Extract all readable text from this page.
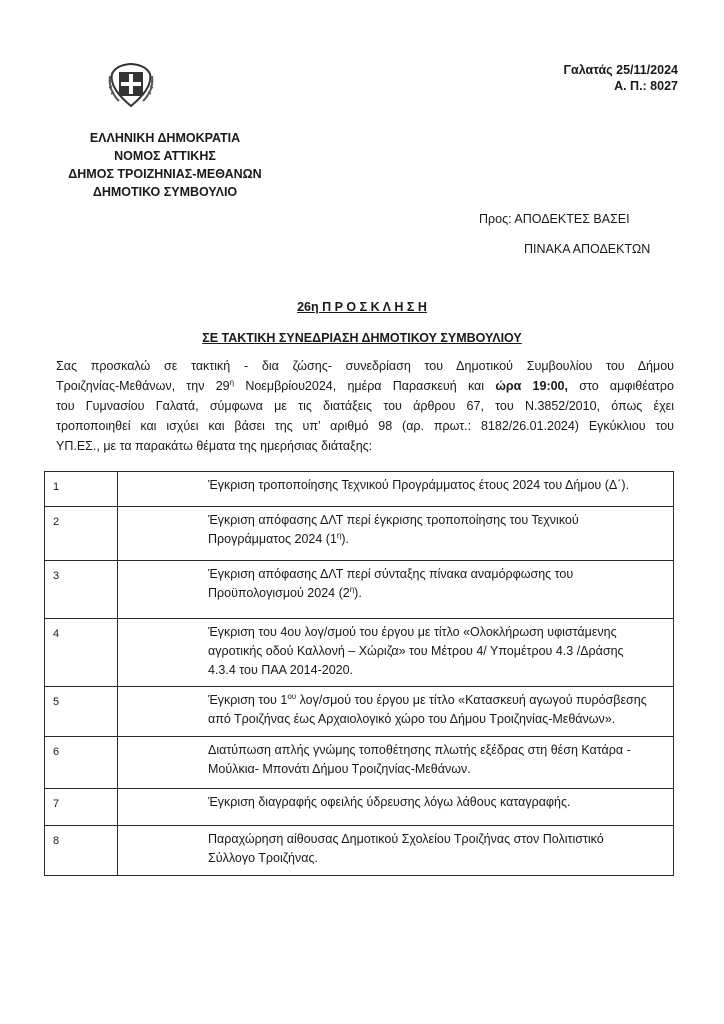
Γαλατάς 25/11/2024
Α. Π.: 8027
ΕΛΛΗΝΙΚΗ ΔΗΜΟΚΡΑΤΙΑ
ΝΟΜΟΣ ΑΤΤΙΚΗΣ
ΔΗΜΟΣ ΤΡΟΙΖΗΝΙΑΣ-ΜΕΘΑΝΩΝ
ΔΗΜΟΤΙΚΟ ΣΥΜΒΟΥΛΙΟ
Προς: ΑΠΟΔΕΚΤΕΣ ΒΑΣΕΙ
ΠΙΝΑΚΑ ΑΠΟΔΕΚΤΩΝ
26η Π Ρ Ο Σ Κ Λ Η Σ Η
ΣΕ ΤΑΚΤΙΚΗ ΣΥΝΕΔΡΙΑΣΗ ΔΗΜΟΤΙΚΟΥ ΣΥΜΒΟΥΛΙΟΥ
Σας προσκαλώ σε τακτική - δια ζώσης- συνεδρίαση του Δημοτικού Συμβουλίου του Δήμου
Τροιζηνίας-Μεθάνων, την $29^\eta$ Νοεμβρίου2024, ημέρα Παρασκευή και ώρα 19:00, στο αμφιθέατρο
του Γυμνασίου Γαλατά, σύμφωνα με τις διατάξεις του άρθρου 67, του Ν.3852/2010, όπως έχει
τροποποιηθεί και ισχύει και βάσει της υπ’ αριθμό 98 (αρ. πρωτ.: 8182/26.01.2024) Εγκύκλιου του
ΥΠ.ΕΣ., με τα παρακάτω θέματα της ημερήσιας διάταξης:
1	Έγκριση τροποποίησης Τεχνικού Προγράμματος έτους 2024 του Δήμου (Δ΄).

2	Έγκριση απόφασης ΔΛΤ περί έγκρισης τροποποίησης του Τεχνικού
Προγράμματος 2024 $(1^\eta)$.

3	Έγκριση απόφασης ΔΛΤ περί σύνταξης πίνακα αναμόρφωσης του
Προϋπολογισμού 2024 $(2^\eta)$.

4	Έγκριση του 4ου λογ/σμού του έργου με τίτλο «Ολοκλήρωση υφιστάμενης
αγροτικής οδού Καλλονή – Χώριζα» του Μέτρου 4/ Υπομέτρου 4.3 /Δράσης
4.3.4 του ΠΑΑ 2014-2020.

5	Έγκριση του $1^{o\upsilon}$ λογ/σμού του έργου με τίτλο «Κατασκευή αγωγού πυρόσβεσης
από Τροιζήνας έως Αρχαιολογικό χώρο του Δήμου Τροιζηνίας-Μεθάνων».

6	Διατύπωση απλής γνώμης τοποθέτησης πλωτής εξέδρας στη θέση Κατάρα -
Μούλκια- Μπονάτι Δήμου Τροιζηνίας-Μεθάνων.

7	Έγκριση διαγραφής οφειλής ύδρευσης λόγω λάθους καταγραφής.

8	Παραχώρηση αίθουσας Δημοτικού Σχολείου Τροιζήνας στον Πολιτιστικό
Σύλλογο Τροιζήνας.
